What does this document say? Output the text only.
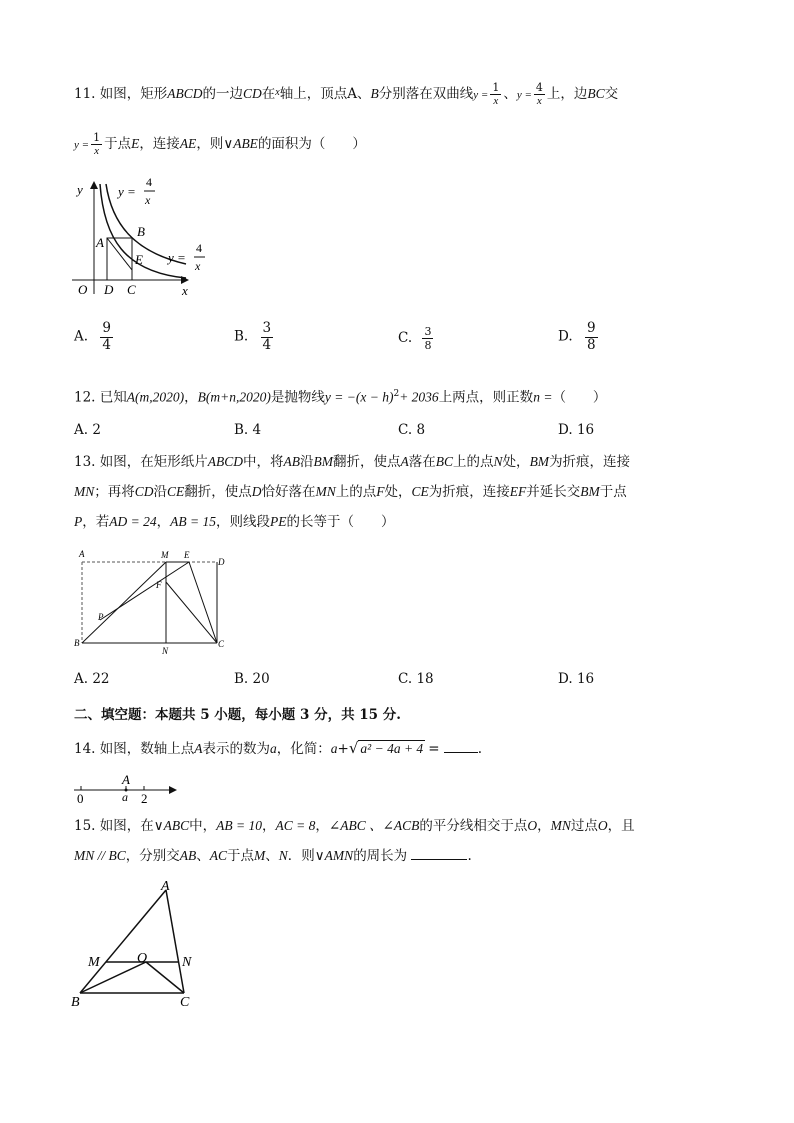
11. 如图，矩形ABCD的一边CD在$^x$轴上，顶点A、B分别落在双曲线$y = \frac{1}{x}$ 、$y = \frac{4}{x}$ 上，边BC交
$y = \frac{1}{x}$ 于点E，连接AE，则∨ABE的面积为（　　）
y
x
O D C
A
B
E
y =
4
x
y =
4
x
A. $\frac{9}{4}$	B. $\frac{3}{4}$	C. $\frac{3}{8}$	D. $\frac{9}{8}$
12. 已知A(m,2020)，B(m+n,2020)是抛物线$y = -(x - h)^2+ 2036$上两点，则正数n =（　　）
A. 2	B. 4	C. 8	D. 16
13. 如图，在矩形纸片ABCD中，将AB沿BM翻折，使点A落在BC上的点N处，BM为折痕，连接
MN；再将CD沿CE翻折，使点D恰好落在MN上的点F处，CE为折痕，连接EF并延长交BM于点
P，若AD = 24，AB = 15，则线段PE的长等于（　　）
A	M E
D
F
P
B
N
C
A. 22	B. 20	C. 18	D. 16
二、填空题：本题共 5 小题，每小题 3 分，共 15 分.
14. 如图，数轴上点A表示的数为a，化简：a+√ a² − 4a + 4 =	.
A
0	a 2
15. 如图，在∨ABC中，AB = 10，AC = 8，∠ABC 、∠ACB的平分线相交于点O，MN过点O，且
MN // BC，分别交AB、AC于点M、N．则∨AMN的周长为	.
A
M	O N
B	C
